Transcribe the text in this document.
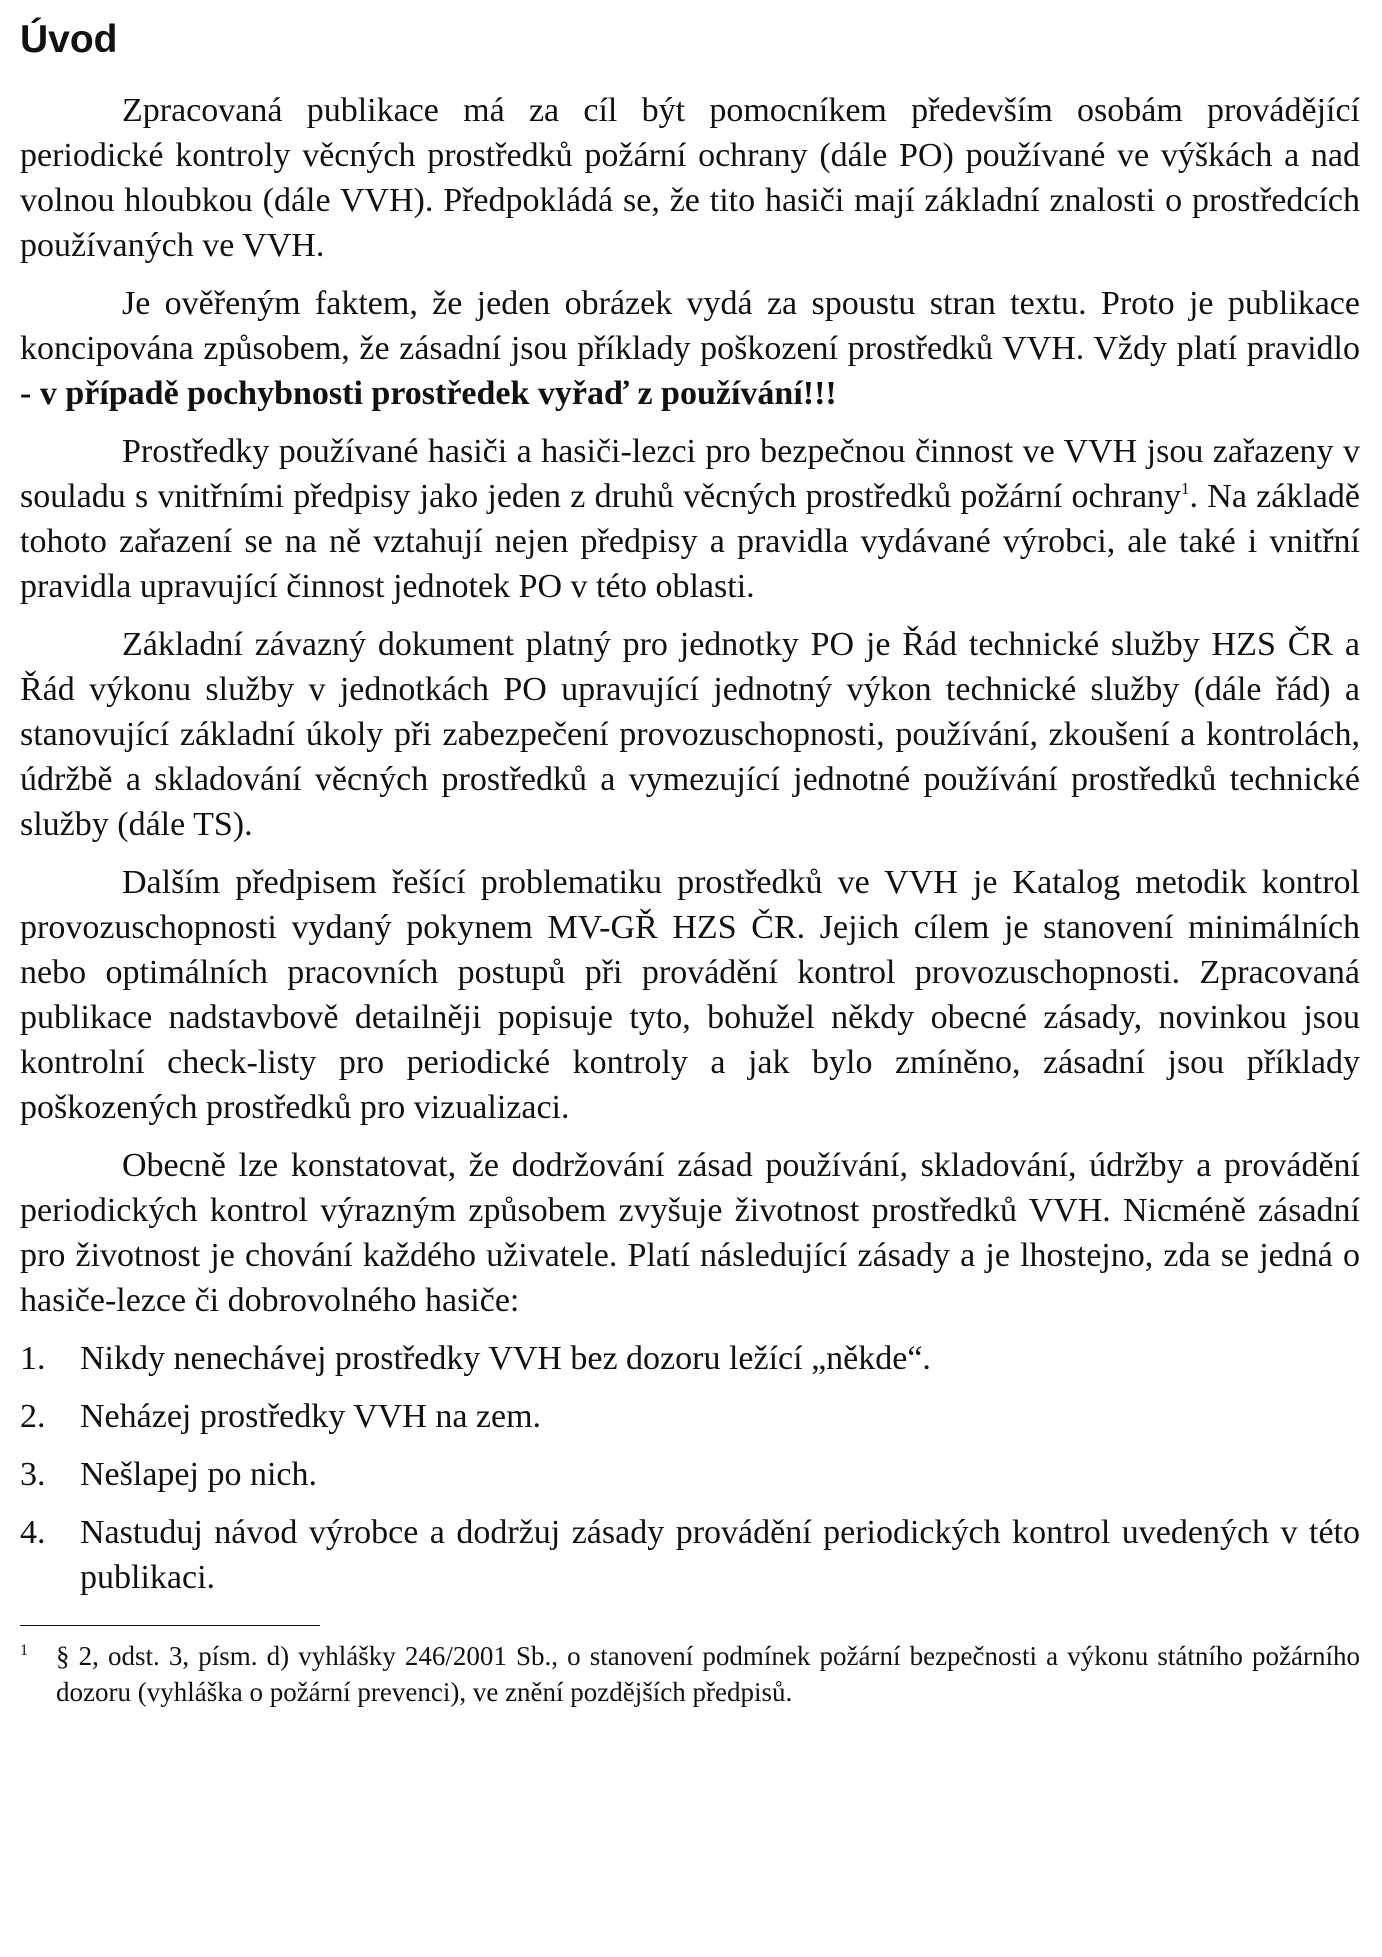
Úvod

Zpracovaná publikace má za cíl být pomocníkem především osobám provádějící periodické kontroly věcných prostředků požární ochrany (dále PO) používané ve výškách a nad volnou hloubkou (dále VVH). Předpokládá se, že tito hasiči mají základní znalosti o prostředcích používaných ve VVH.

Je ověřeným faktem, že jeden obrázek vydá za spoustu stran textu. Proto je publikace koncipována způsobem, že zásadní jsou příklady poškození prostředků VVH. Vždy platí pravidlo - v případě pochybnosti prostředek vyřaď z používání!!!

Prostředky používané hasiči a hasiči-lezci pro bezpečnou činnost ve VVH jsou zařazeny v souladu s vnitřními předpisy jako jeden z druhů věcných prostředků požární ochrany$^1$. Na základě tohoto zařazení se na ně vztahují nejen předpisy a pravidla vydávané výrobci, ale také i vnitřní pravidla upravující činnost jednotek PO v této oblasti.

Základní závazný dokument platný pro jednotky PO je Řád technické služby HZS ČR a Řád výkonu služby v jednotkách PO upravující jednotný výkon technické služby (dále řád) a stanovující základní úkoly při zabezpečení provozuschopnosti, používání, zkoušení a kontrolách, údržbě a skladování věcných prostředků a vymezující jednotné používání prostředků technické služby (dále TS).

Dalším předpisem řešící problematiku prostředků ve VVH je Katalog metodik kontrol provozuschopnosti vydaný pokynem MV-GŘ HZS ČR. Jejich cílem je stanovení minimálních nebo optimálních pracovních postupů při provádění kontrol provozuschopnosti. Zpracovaná publikace nadstavbově detailněji popisuje tyto, bohužel někdy obecné zásady, novinkou jsou kontrolní check-listy pro periodické kontroly a jak bylo zmíněno, zásadní jsou příklady poškozených prostředků pro vizualizaci.

Obecně lze konstatovat, že dodržování zásad používání, skladování, údržby a provádění periodických kontrol výrazným způsobem zvyšuje životnost prostředků VVH. Nicméně zásadní pro životnost je chování každého uživatele. Platí následující zásady a je lhostejno, zda se jedná o hasiče-lezce či dobrovolného hasiče:

1.	Nikdy nenechávej prostředky VVH bez dozoru ležící „někde“.
2.	Neházej prostředky VVH na zem.
3.	Nešlapej po nich.
4.	Nastuduj návod výrobce a dodržuj zásady provádění periodických kontrol uvedených v této publikaci.
1	§ 2, odst. 3, písm. d) vyhlášky 246/2001 Sb., o stanovení podmínek požární bezpečnosti a výkonu státního požárního dozoru (vyhláška o požární prevenci), ve znění pozdějších předpisů.
